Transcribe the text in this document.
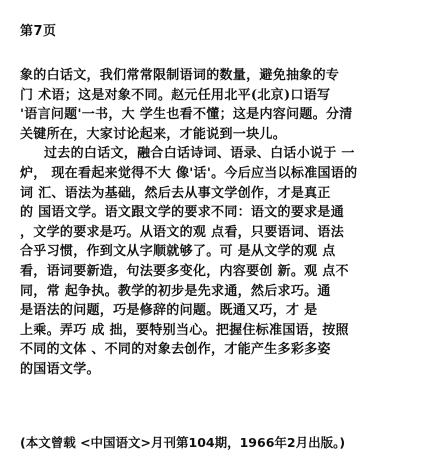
第7页
象的白话文，我们常常限制语词的数量，避免抽象的专
门 术语；这是对象不同。赵元任用北平(北京)口语写
'语言问题'一书，大 学生也看不懂；这是内容问题。分清
关键所在，大家讨论起来，才能说到一块儿。
过去的白话文，融合白话诗词、语录、白话小说于 一
炉， 现在看起来觉得不大 像'话'。今后应当以标准国语的
词 汇、语法为基础，然后去从事文学创作，才是真正
的 国语文学。语文跟文学的要求不同：语文的要求是通
，文学的要求是巧。从语文的观 点看，只要语词、语法
合乎习惯，作到文从字顺就够了。可 是从文学的观 点
看，语词要新造，句法要多变化，内容要创 新。观 点不
同，常 起争执。教学的初步是先求通，然后求巧。通
是语法的问题，巧是修辞的问题。既通又巧，才 是
上乘。弄巧 成 拙，要特别当心。把握住标准国语，按照
不同的文体 、不同的对象去创作，才能产生多彩多姿
的国语文学。
(本文曾载 <中国语文>月刊第104期，1966年2月出版。)
